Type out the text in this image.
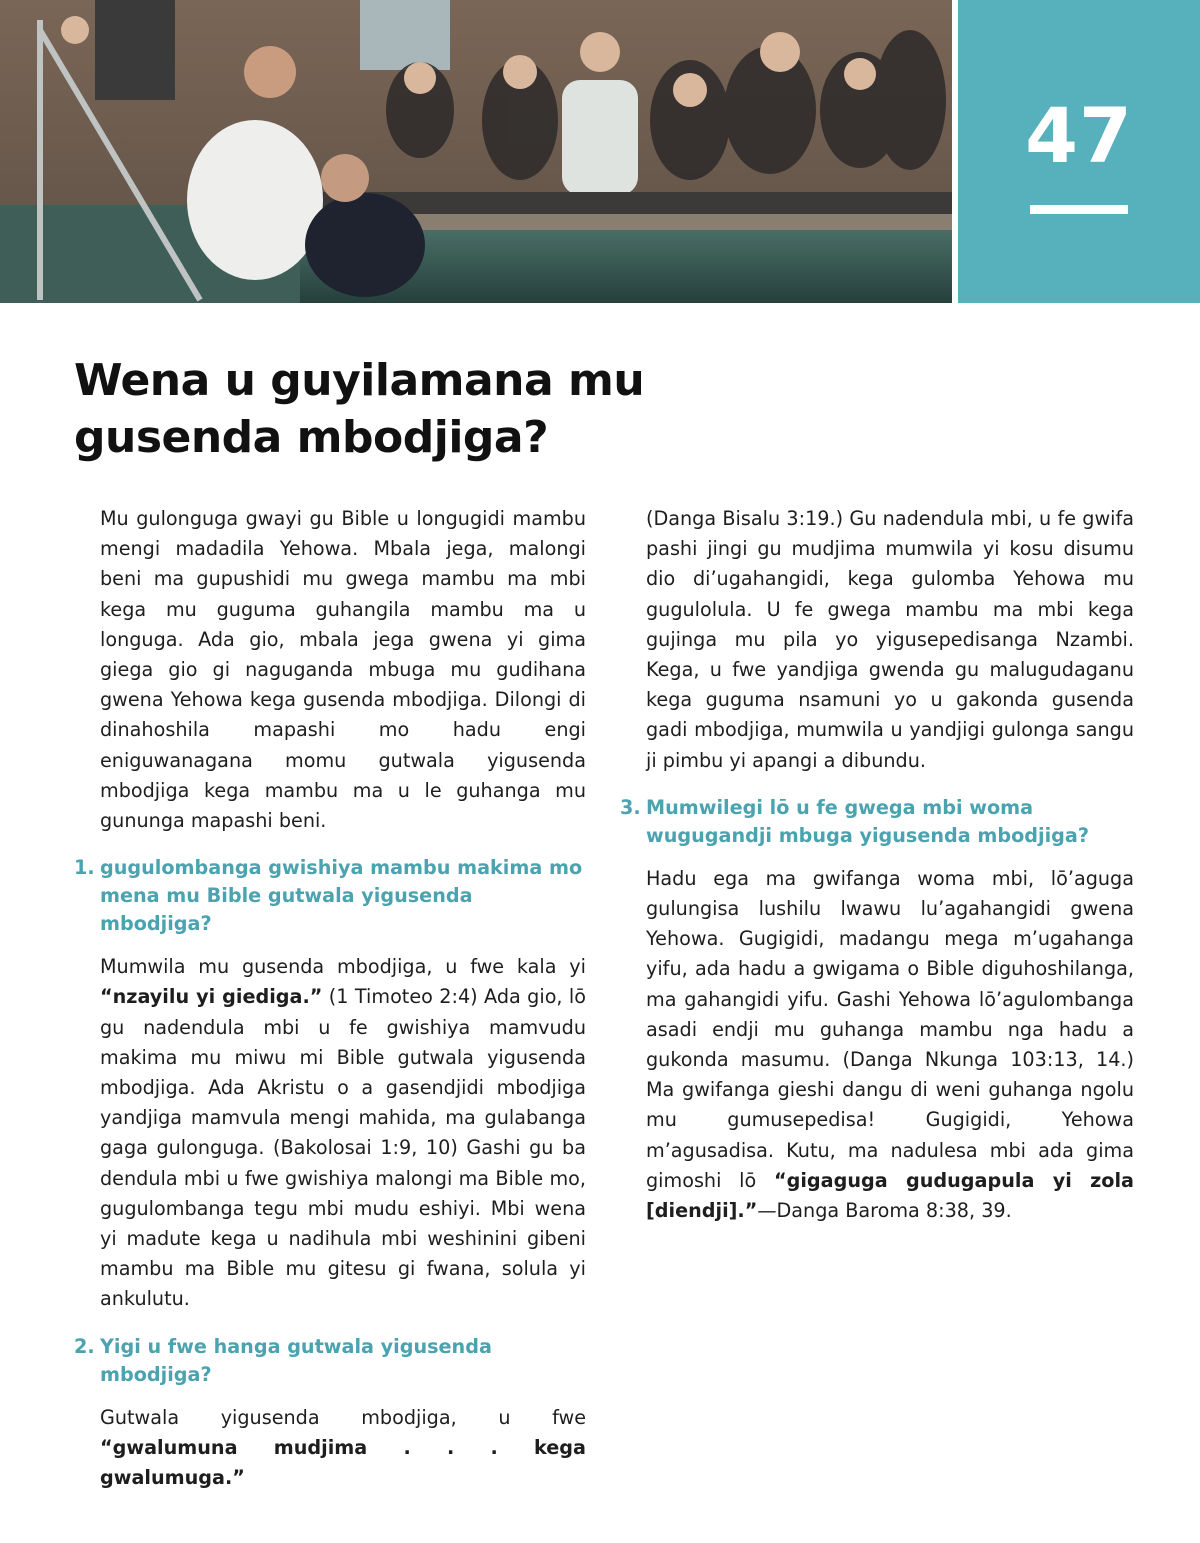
47
Wena u guyilamana mu gusenda mbodjiga?

Mu gulonguga gwayi gu Bible u longugidi mambu mengi madadila Yehowa. Mbala jega, malongi beni ma gupushidi mu gwega mambu ma mbi kega mu guguma guhangila mambu ma u longuga. Ada gio, mbala jega gwena yi gima giega gio gi naguganda mbuga mu gudihana gwena Yehowa kega gusenda mbodjiga. Dilongi di dinahoshila mapashi mo hadu engi eniguwanagana momu gutwala yigusenda mbodjiga kega mambu ma u le guhanga mu gununga mapashi beni.

1. gugulombanga gwishiya mambu makima mo mena mu Bible gutwala yigusenda mbodjiga?

Mumwila mu gusenda mbodjiga, u fwe kala yi “nzayilu yi giediga.” (1 Timoteo 2:4) Ada gio, lō gu nadendula mbi u fe gwishiya mamvudu makima mu miwu mi Bible gutwala yigusenda mbodjiga. Ada Akristu o a gasendjidi mbodjiga yandjiga mamvula mengi mahida, ma gulabanga gaga gulonguga. (Bakolosai 1:9, 10) Gashi gu ba dendula mbi u fwe gwishiya malongi ma Bible mo, gugulombanga tegu mbi mudu eshiyi. Mbi wena yi madute kega u nadihula mbi weshinini gibeni mambu ma Bible mu gitesu gi fwana, solula yi ankulutu.

2. Yigi u fwe hanga gutwala yigusenda mbodjiga?

Gutwala yigusenda mbodjiga, u fwe “gwalumuna mudjima . . . kega gwalumuga.”

(Danga Bisalu 3:19.) Gu nadendula mbi, u fe gwifa pashi jingi gu mudjima mumwila yi kosu disumu dio di’ugahangidi, kega gulomba Yehowa mu gugulolula. U fe gwega mambu ma mbi kega gujinga mu pila yo yigusepedisanga Nzambi. Kega, u fwe yandjiga gwenda gu malugudaganu kega guguma nsamuni yo u gakonda gusenda gadi mbodjiga, mumwila u yandjigi gulonga sangu ji pimbu yi apangi a dibundu.

3. Mumwilegi lō u fe gwega mbi woma wugugandji mbuga yigusenda mbodjiga?

Hadu ega ma gwifanga woma mbi, lō’aguga gulungisa lushilu lwawu lu’agahangidi gwena Yehowa. Gugigidi, madangu mega m’ugahanga yifu, ada hadu a gwigama o Bible diguhoshilanga, ma gahangidi yifu. Gashi Yehowa lō’agulombanga asadi endji mu guhanga mambu nga hadu a gukonda masumu. (Danga Nkunga 103:13, 14.) Ma gwifanga gieshi dangu di weni guhanga ngolu mu gumusepedisa! Gugigidi, Yehowa m’agusadisa. Kutu, ma nadulesa mbi ada gima gimoshi lō “gigaguga gudugapula yi zola [diendji].”—Danga Baroma 8:38, 39.
